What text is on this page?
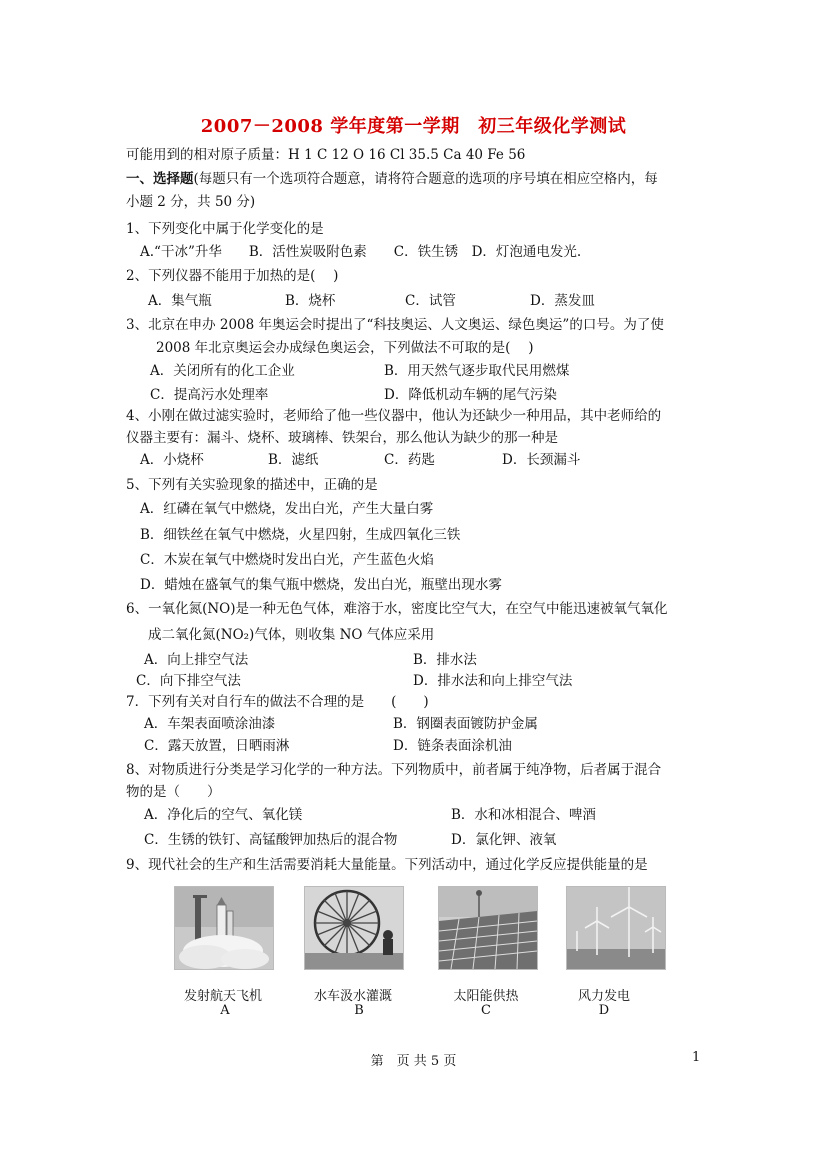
2007－2008 学年度第一学期　初三年级化学测试
可能用到的相对原子质量：H 1 C 12 O 16 Cl 35.5 Ca 40 Fe 56
一、选择题(每题只有一个选项符合题意，请将符合题意的选项的序号填在相应空格内，每
小题 2 分，共 50 分)
1、下列变化中属于化学变化的是
A.“干冰”升华　　B．活性炭吸附色素　　C．铁生锈　D．灯泡通电发光.
2、下列仪器不能用于加热的是(　 )
A．集气瓶	B．烧杯	C．试管	D．蒸发皿
3、北京在申办 2008 年奥运会时提出了“科技奥运、人文奥运、绿色奥运”的口号。为了使
2008 年北京奥运会办成绿色奥运会，下列做法不可取的是(　 )
A．关闭所有的化工企业	B．用天然气逐步取代民用燃煤
C．提高污水处理率	D．降低机动车辆的尾气污染
4、小刚在做过滤实验时，老师给了他一些仪器中，他认为还缺少一种用品，其中老师给的
仪器主要有：漏斗、烧杯、玻璃棒、铁架台，那么他认为缺少的那一种是
A．小烧杯	B．滤纸	C．药匙	D．长颈漏斗
5、下列有关实验现象的描述中，正确的是
A．红磷在氧气中燃烧，发出白光，产生大量白雾
B．细铁丝在氧气中燃烧，火星四射，生成四氧化三铁
C．木炭在氧气中燃烧时发出白光，产生蓝色火焰
D．蜡烛在盛氧气的集气瓶中燃烧，发出白光，瓶壁出现水雾
6、一氧化氮(NO)是一种无色气体，难溶于水，密度比空气大，在空气中能迅速被氧气氧化
成二氧化氮(NO₂)气体，则收集 NO 气体应采用
A．向上排空气法	B．排水法
C．向下排空气法	D．排水法和向上排空气法
7．下列有关对自行车的做法不合理的是　　(　　)
A．车架表面喷涂油漆	B．钢圈表面镀防护金属
C．露天放置，日晒雨淋	D．链条表面涂机油
8、对物质进行分类是学习化学的一种方法。下列物质中，前者属于纯净物，后者属于混合
物的是（　　）
A．净化后的空气、氧化镁	B．水和冰相混合、啤酒
C．生锈的铁钉、高锰酸钾加热后的混合物	D．氯化钾、液氧
9、现代社会的生产和生活需要消耗大量能量。下列活动中，通过化学反应提供能量的是
发射航天飞机	水车汲水灌溉	太阳能供热	风力发电
A	B	C	D
第　页 共 5 页	1
